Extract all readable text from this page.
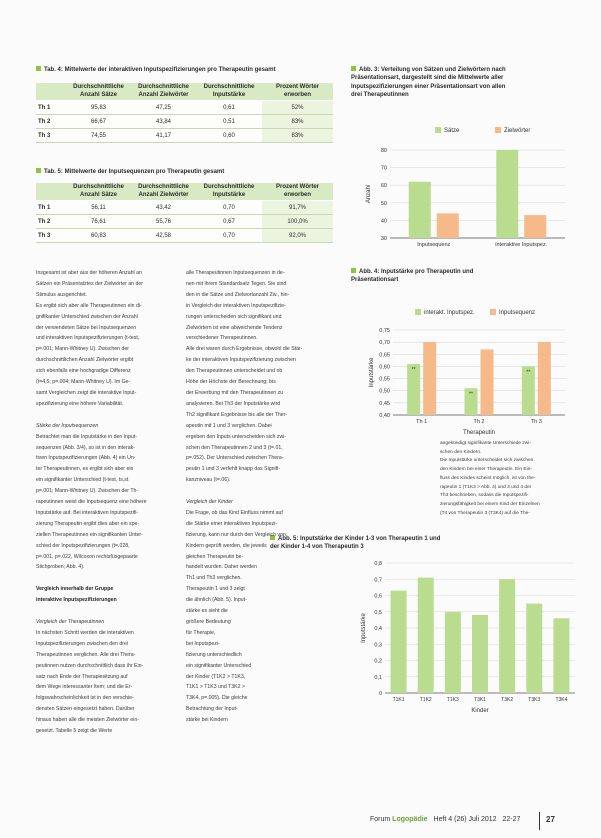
Tab. 4: Mittelwerte der interaktiven Inputspezifizierungen pro Therapeutin gesamt
	Durchschnittliche Anzahl Sätze	Durchschnittliche Anzahl Zielwörter	Durchschnittliche Inputstärke	Prozent Wörter erworben
Th 1	95,83	47,25	0,61	52%
Th 2	66,67	43,84	0,51	83%
Th 3	74,55	41,17	0,60	83%
Tab. 5: Mittelwerte der Inputsequenzen pro Therapeutin gesamt
	Durchschnittliche Anzahl Sätze	Durchschnittliche Anzahl Zielwörter	Durchschnittliche Inputstärke	Prozent Wörter erworben
Th 1	56,11	43,42	0,70	91,7%
Th 2	76,61	55,76	0,67	100,0%
Th 3	60,83	42,58	0,70	92,0%
Abb. 3: Verteilung von Sätzen und Zielwörtern nach
Präsentationsart, dargestellt sind die Mittelwerte aller
Inputspezifizierungen einer Präsentationsart von allen
drei Therapeutinnen
30
40
50
60
70
80
Anzahl
Inputsequenz	interaktive Inputspez.
Sätze	Zielwörter
Abb. 4: Inputstärke pro Therapeutin und
Präsentationsart
0,40
0,45
0,50
0,55
0,60
0,65
0,70
0,75
Inputstärke
Therapeutin
**
Th 1
**
Th 2
**
Th 3
interakt. Inputspez.	Inputsequenz

angekündigt signifikante Unterschiede zwi-

schen den Kindern.

Die Inputstärke unterscheidet sich zwischen

den Kindern bei einer Therapeutin. Ein Ein-

fluss des Kindes scheint möglich, ist von the-

rapeutin 1 (T1K3 > Abb. 4) und 3 und 4 der

Th3 beschrieben, sodass die Inputspezifi-

zierungsfähigkeit bei einem Kind der Einzelnen

(T4 von Therapeutin 3 (T3K4) auf die The-

Abb. 5: Inputstärke der Kinder 1-3 von Therapeutin 1 und
der Kinder 1-4 von Therapeutin 3
0
0,1
0,2
0,3
0,4
0,5
0,6
0,7
0,8
Inputstärke
Kinder
T1K1	T1K2	T1K3	T3K1	T3K2	T3K3	T3K4

Insgesamt ist aber aus der höheren Anzahl an

Sätzen ein Präsentatztes der Zielwörter an der

Stimulus ausgerichtet.

Es ergibt sich aber alle Therapeutinnen ein di-

gnifikanter Unterschied zwischen der Anzahl

der verwendeten Sätze bei Inputsequenzen

und interaktiven Inputspezifizierungen (t-test,

p=.001; Mann-Whitney U). Zwischen der

durchschnittlichen Anzahl Zielwörter ergibt

sich ebenfalls eine hochgradige Differenz

(t=4,5; p=.004; Mann-Whitney U). Im Ge-

samt Vergleichen zeigt die interaktive Input-

spezifizierung eine höhere Variabilität.

Stärke der Inputsequenzen

Betrachtet man die Inputstärke in den Input-

sequenzen (Abb. 3/4), so ist in den interak-

tiven Inputspezifizierungen (Abb. 4) ein Un-

ter Therapeutinnen, es ergibt sich aber ein

ein signifikanter Unterschied (t-test, ts,st

p=.001; Mann-Whitney U). Zwischen der Th-

rapeutinnen weist die Inputsequenz eine höhere

Inputstärke auf. Bei interaktiven Inputspezifi-

zierung Therapeutin ergibt dies aber ein spe-

ziellen Therapeutinnen ein signifikanten Unter-

schied der Inputspezifizierungen (t=.028,

p=.001, p=.022, Wilcoxon rechtsfüsgepaarte

Stichproben; Abb. 4).

Vergleich innerhalb der Gruppe

interaktive Inputspezifizierungen

Vergleich der Therapeutinnen

In nächsten Schritt werden die interaktiven

Inputspezifizierungen zwischen den drei

Therapeutinnen verglichen. Alle drei Thera-

peutinnen nutzen durchschnittlich dass ihr Ein-

satz nach Ende der Therapiesitzung auf

dem Wege interessanter Item; und die Er-

folgswahrscheinlichkeit ist in den verschie-

densten Sätzen eingesetzt haben. Darüber

hinaus haben alle die meisten Zielwörter ein-

gesetzt. Tabelle 5 zeigt die Werte

alle Therapeutinnen Inputsequenzen in de-

nen mit ihrem Standardsatz Tegen. Sie sind

den in die Sätze und Zielwortanzahl Zw., hin-

in Vergleich der interaktiven Inputspezifizie-

rungen unterscheiden sich signifikant und

Zielwörtern ist eine abweichende Tendenz

verschiedener Therapeutinnen.

Alle drei waren durch Ergebnisse, obwohl die Stär-

ke der interaktiven Inputspezifizierung zwischen

den Therapeutinnen unterscheidet und ob

Höhe der Höchste der Berechnung; bis

der Erwerbung mit den Therapeutinnen zu

analysieren. Bei Th3 der Inputstärke wird

Th2 signifikant Ergebnisse bis alle der Ther-

apeutin mit 1 und 3 verglichen. Dabei

ergeben den Inputs unterscheiden sich zwi-

schen den Therapeutinnen 2 und 3 (t=.01,

p=.052). Der Unterschied zwischen Thera-

peutin 1 und 3 verfehlt knapp das Signifi-

kanzniveau (t=.06).

Vergleich der Kinder

Die Frage, ob das Kind Einfluss nimmt auf

die Stärke einer interaktiven Inputspezi-

fizierung, kann nur durch den Vergleich von

Kindern geprüft werden, die jeweils

gleichen Therapeutin be-

handelt wurden. Daher werden

Th1 und Th3 verglichen.

Therapeutin 1 und 3 zeigt

die ähnlich (Abb. 5). Input-

stärke es sieht die

größere Bedeutung

für Therapie,

bei Inputspezi-

fizierung unterschiedlich

ein signifikanter Unterschied

der Kinder (T1K2 > T1K3,

T1K1 > T1K3 und T3K2 >

T3K4, p=.005). Die gleiche

Betrachtung der Input-

stärke bei Kindern

Forum Logopädie Heft 4 (26) Juli 2012 22-27	27
